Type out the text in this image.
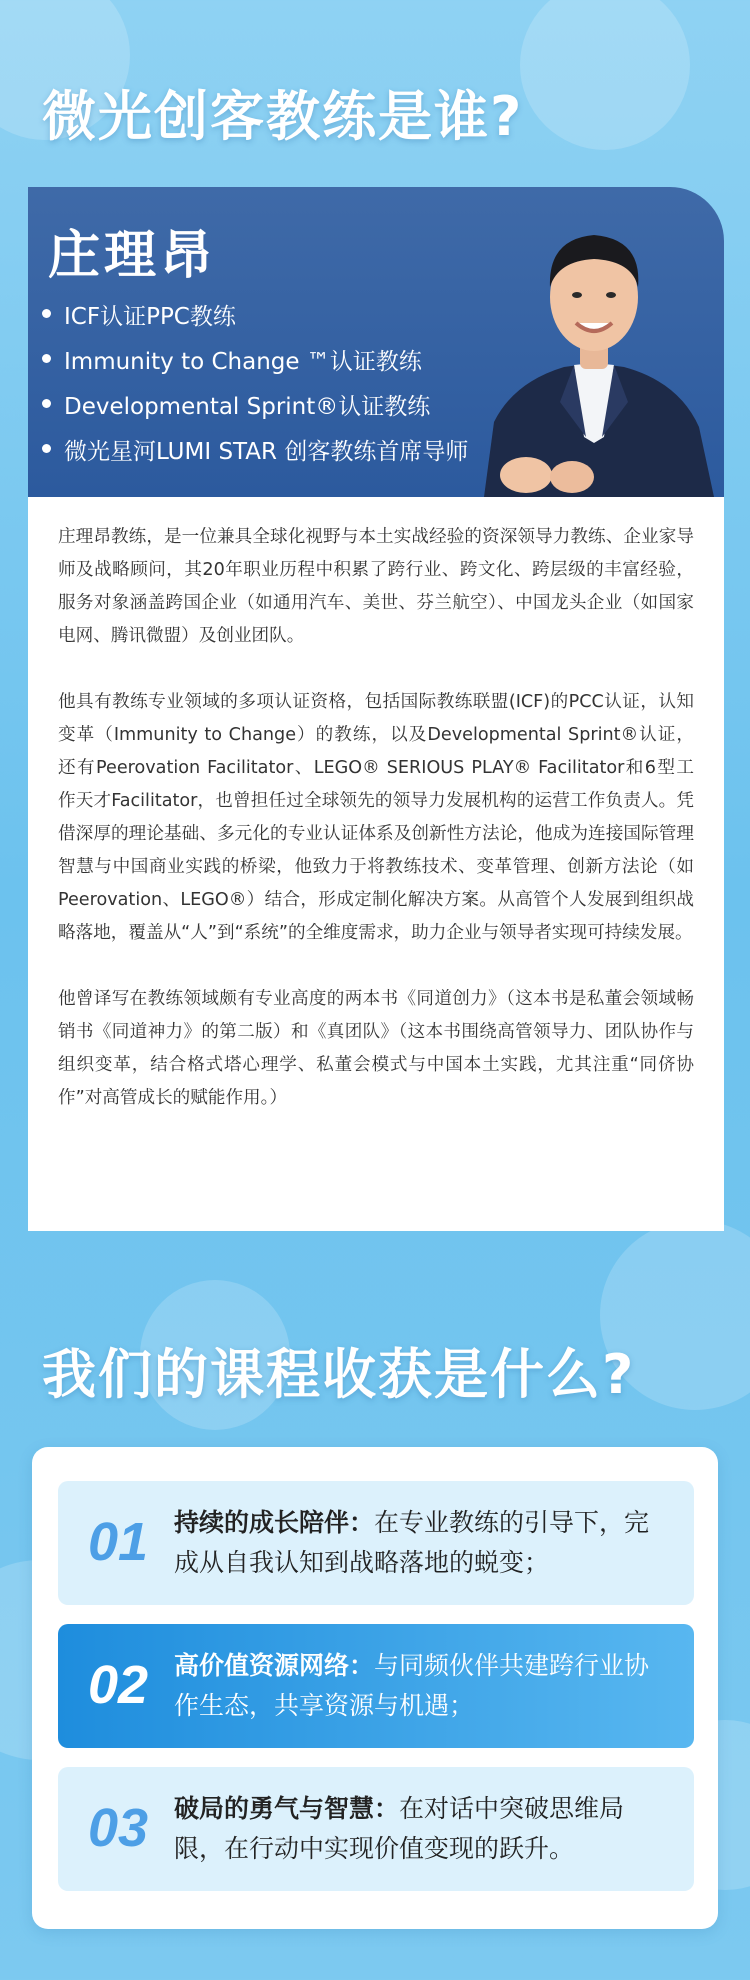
微光创客教练是谁?
庄理昂
ICF认证PPC教练
Immunity to Change ™认证教练
Developmental Sprint®认证教练
微光星河LUMI STAR 创客教练首席导师

庄理昂教练，是一位兼具全球化视野与本土实战经验的资深领导力教练、企业家导师及战略顾问，其20年职业历程中积累了跨行业、跨文化、跨层级的丰富经验，服务对象涵盖跨国企业（如通用汽车、美世、芬兰航空）、中国龙头企业（如国家电网、腾讯微盟）及创业团队。

他具有教练专业领域的多项认证资格，包括国际教练联盟(ICF)的PCC认证，认知变革（Immunity to Change）的教练，以及Developmental Sprint®认证，还有Peerovation Facilitator、LEGO® SERIOUS PLAY® Facilitator和6型工作天才Facilitator，也曾担任过全球领先的领导力发展机构的运营工作负责人。凭借深厚的理论基础、多元化的专业认证体系及创新性方法论，他成为连接国际管理智慧与中国商业实践的桥梁，他致力于将教练技术、变革管理、创新方法论（如Peerovation、LEGO®）结合，形成定制化解决方案。从高管个人发展到组织战略落地，覆盖从“人”到“系统”的全维度需求，助力企业与领导者实现可持续发展。

他曾译写在教练领域颇有专业高度的两本书《同道创力》（这本书是私董会领域畅销书《同道神力》的第二版）和《真团队》（这本书围绕高管领导力、团队协作与组织变革，结合格式塔心理学、私董会模式与中国本土实践，尤其注重“同侪协作”对高管成长的赋能作用。）

我们的课程收获是什么?
01	持续的成长陪伴：在专业教练的引导下，完成从自我认知到战略落地的蜕变；

02	高价值资源网络：与同频伙伴共建跨行业协作生态，共享资源与机遇；

03	破局的勇气与智慧：在对话中突破思维局限，在行动中实现价值变现的跃升。
